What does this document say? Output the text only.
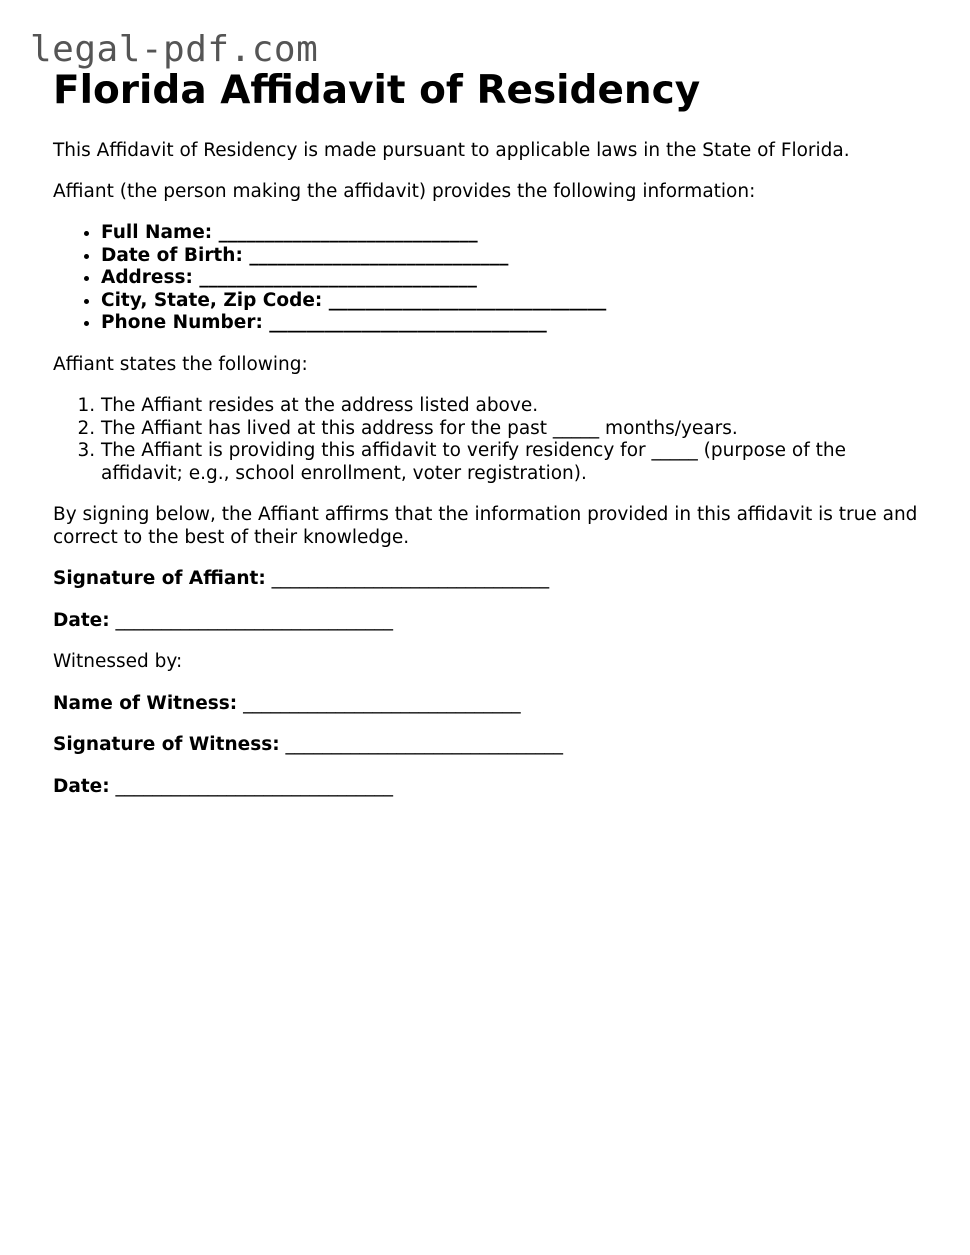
legal-pdf.com
Florida Affidavit of Residency

This Affidavit of Residency is made pursuant to applicable laws in the State of Florida.

Affiant (the person making the affidavit) provides the following information:

• Full Name: ____________________________
• Date of Birth: ____________________________
• Address: ______________________________
• City, State, Zip Code: ______________________________
• Phone Number: ______________________________

Affiant states the following:

1. The Affiant resides at the address listed above.
2. The Affiant has lived at this address for the past _____ months/years.
3. The Affiant is providing this affidavit to verify residency for _____ (purpose of the affidavit; e.g., school enrollment, voter registration).

By signing below, the Affiant affirms that the information provided in this affidavit is true and correct to the best of their knowledge.

Signature of Affiant: ______________________________

Date: ______________________________

Witnessed by:

Name of Witness: ______________________________

Signature of Witness: ______________________________

Date: ______________________________
